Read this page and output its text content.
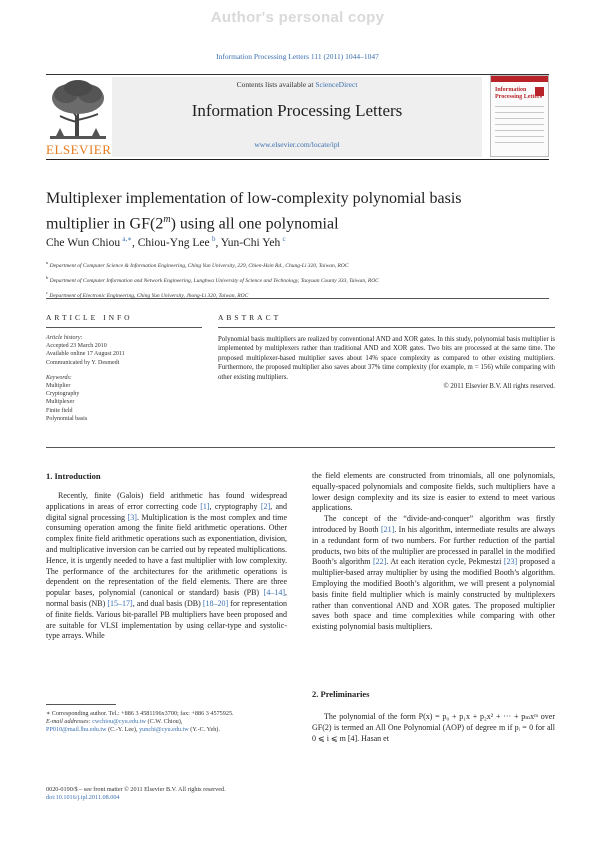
Author's personal copy
Information Processing Letters 111 (2011) 1044–1047
ELSEVIER
Contents lists available at ScienceDirect
Information Processing Letters
www.elsevier.com/locate/ipl
Information
Processing Letters
Multiplexer implementation of low-complexity polynomial basis
multiplier in GF(2$^m$) using all one polynomial
Che Wun Chiou  $^{a,∗}$, Chiou-Yng Lee  $^b$, Yun-Chi Yeh  $^c$
$^a$ Department of Computer Science & Information Engineering, Ching Yun University, 229, Chien-Hsin Rd., Chung-Li 320, Taiwan, ROC
$^b$ Department of Computer Information and Network Engineering, Lunghwa University of Science and Technology, Taoyuan County 333, Taiwan, ROC
$^c$ Department of Electronic Engineering, Ching Yun University, Jhong-Li 320, Taiwan, ROC
ARTICLE INFO
Article history:
Accepted 23 March 2010
Available online 17 August 2011
Communicated by Y. Desmedt
Keywords:
Multiplier
Cryptography
Multiplexer
Finite field
Polynomial basis
ABSTRACT
Polynomial basis multipliers are realized by conventional AND and XOR gates. In this study, polynomial basis multiplier is implemented by multiplexers rather than traditional AND and XOR gates. Two bits are processed at the same time. The proposed multiplexer-based multiplier saves about 14% space complexity as compared to other existing multipliers. Furthermore, the proposed multiplier also saves about 37% time complexity (for example, m = 156) while comparing with other existing multipliers.
© 2011 Elsevier B.V. All rights reserved.
1. Introduction

Recently, finite (Galois) field arithmetic has found widespread applications in areas of error correcting code [1], cryptography [2], and digital signal processing [3]. Multiplication is the most complex and time consuming operation among the finite field arithmetic operations. Other complex finite field arithmetic operations such as exponentiation, division, and multiplicative inversion can be carried out by repeated multiplications. Hence, it is urgently needed to have a fast multiplier with low complexity. The performance of the architectures for the arithmetic operations is dependent on the representation of the field elements. There are three popular bases, polynomial (canonical or standard) basis (PB) [4–14], normal basis (NB) [15–17], and dual basis (DB) [18–20] for representation of finite fields. Various bit-parallel PB multipliers have been proposed and are suitable for VLSI implementation by using cellar-type and systolic-type arrays. While

the field elements are constructed from trinomials, all one polynomials, equally-spaced polynomials and composite fields, such multipliers have a lower design complexity and its size is easier to extend to meet various applications.

The concept of the “divide-and-conquer” algorithm was firstly introduced by Booth [21]. In his algorithm, intermediate results are always in a redundant form of two numbers. For further reduction of the partial products, two bits of the multiplier are processed in parallel in the modified Booth’s algorithm [22]. At each iteration cycle, Pekmestzi [23] proposed a multiplier-based array multiplier by using the modified Booth’s algorithm. Employing the modified Booth’s algorithm, we will present a polynomial basis finite field multiplier which is mainly constructed by multiplexers rather than conventional AND and XOR gates. The proposed multiplier saves both space and time complexities while comparing with other existing polynomial basis multipliers.

2. Preliminaries

The polynomial of the form P(x) = p₀ + p₁x + p₂x² + ··· + pₘxᵐ over GF(2) is termed an All One Polynomial (AOP) of degree m if pᵢ = 0 for all 0 ⩽ i ⩽ m [4]. Hasan et

∗ Corresponding author. Tel.: +886 3 4581196x3700; fax: +886 3 4575925.
E-mail addresses: cwchiou@cyu.edu.tw (C.W. Chiou),
PP010@mail.lhu.edu.tw (C.-Y. Lee), yunchi@cyu.edu.tw (Y.-C. Yeh).
0020-0190/$ – see front matter © 2011 Elsevier B.V. All rights reserved.
doi:10.1016/j.ipl.2011.08.004
